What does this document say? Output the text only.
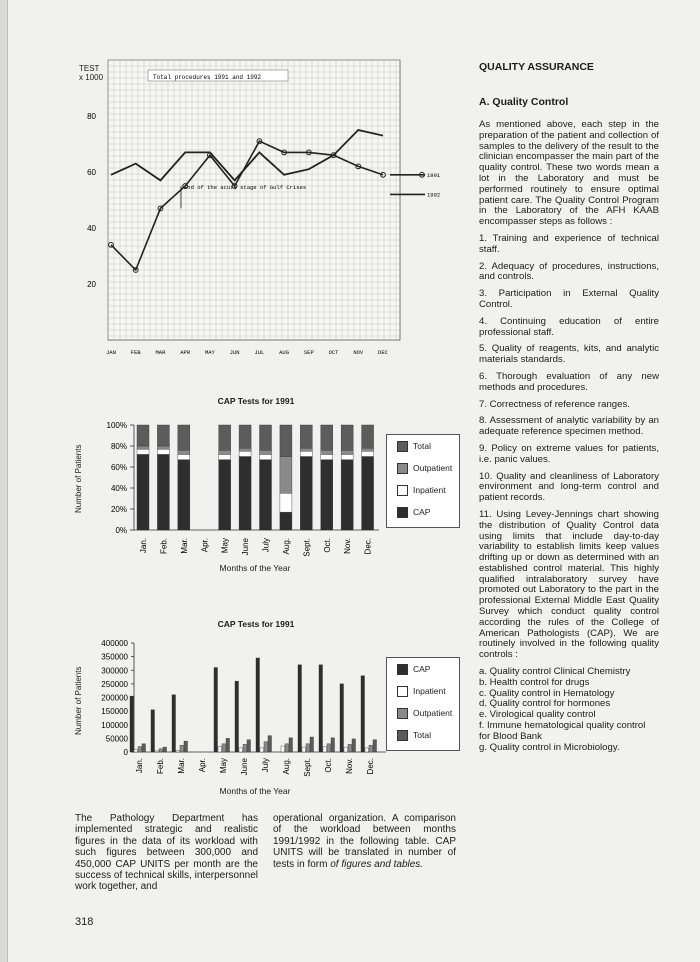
TEST
x 1000
20
40
60
80
JAN	FEB	MAR	APR	MAY	JUN	JUL	AUG	SEP	OCT	NOV	DEC
Total procedures 1991 and 1992
End of the acute stage of Gulf Crises
1991
1992
CAP Tests for 1991
Number of Patients
0%
20%
40%
60%
80%
100%
Jan. Feb. Mar. Apr. May June July Aug. Sept. Oct. Nov. Dec.
Months of the Year
Total
Outpatient
Inpatient
CAP
CAP Tests for 1991
Number of Patients
0
50000
100000
150000
200000
250000
300000
350000
400000
Jan. Feb. Mar. Apr. May June July Aug. Sept. Oct. Nov. Dec.
Months of the Year
CAP
Inpatient
Outpatient
Total
QUALITY ASSURANCE
A. Quality Control

As mentioned above, each step in the preparation of the patient and collection of samples to the delivery of the result to the clinician encompasser the main part of the quality control. These two words mean a lot in the Laboratory and must be performed routinely to ensure optimal patient care. The Quality Control Program in the Laboratory of the AFH KAAB encompasser steps as follows :

1. Training and experience of technical staff.

2. Adequacy of procedures, instructions, and controls.

3. Participation in External Quality Control.

4. Continuing education of entire professional staff.

5. Quality of reagents, kits, and analytic materials standards.

6. Thorough evaluation of any new methods and procedures.

7. Correctness of reference ranges.

8. Assessment of analytic variability by an adequate reference specimen method.

9. Policy on extreme values for patients, i.e. panic values.

10. Quality and cleanliness of Laboratory environment and long-term control and patient records.

11. Using Levey-Jennings chart showing the distribution of Quality Control data using limits that include day-to-day variability to establish limits keep values drifting up or down as determined with an established control material. This highly qualified intralaboratory survey have promoted out Laboratory to the part in the professional External Middle East Quality Survey which conduct quality control according the rules of the College of American Pathologists (CAP). We are routinely involved in the following quality controls :

a. Quality control Clinical Chemistry
b. Health control for drugs
c. Quality control in Hematology
d. Quality control for hormones
e. Virological quality control
f. Immune hematological quality control for Blood Bank
g. Quality control in Microbiology.
The Pathology Department has implemented strategic and realistic figures in the data of its workload with such figures between 300,000 and 450,000 CAP UNITS per month are the success of technical skills, interpersonnel work together, and
operational organization. A comparison of the workload between months 1991/1992 in the following table. CAP UNITS will be translated in number of tests in form of figures and tables.
318
